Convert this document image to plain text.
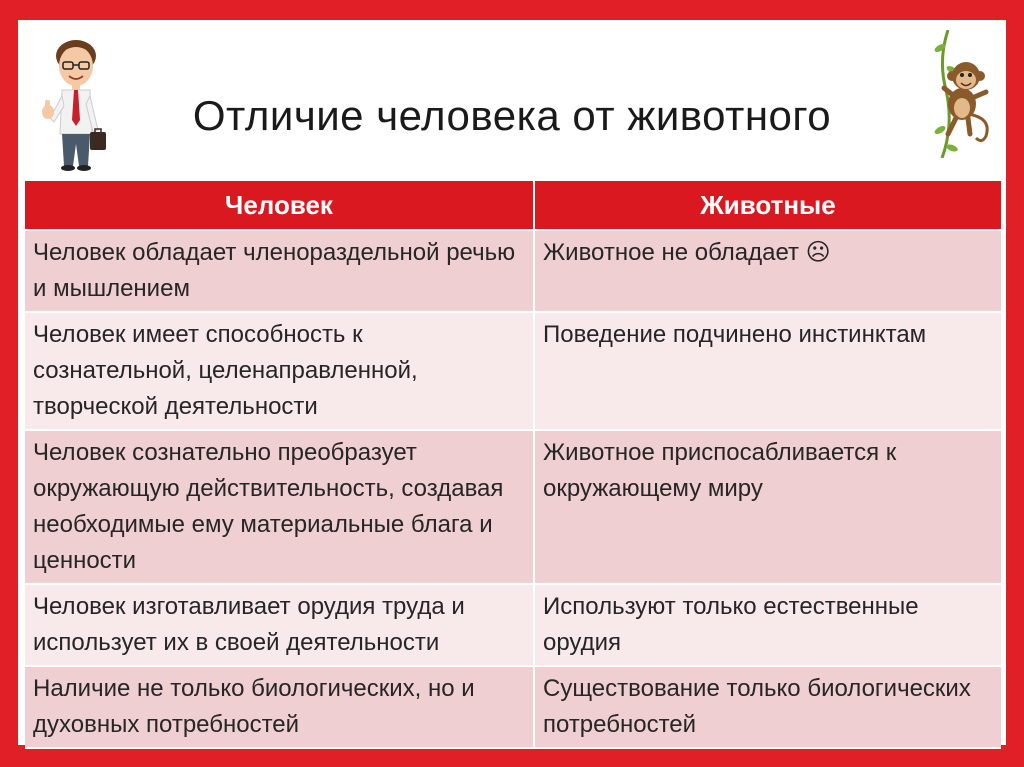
Отличие человека от животного
Человек	Животные
Человек обладает членораздельной речью и мышлением	Животное не обладает ☹
Человек имеет способность к сознательной, целенаправленной, творческой деятельности	Поведение подчинено инстинктам
Человек сознательно преобразует окружающую действительность, создавая необходимые ему материальные блага и ценности	Животное приспосабливается к окружающему миру
Человек изготавливает орудия труда и использует их в своей деятельности	Используют только естественные орудия
Наличие не только биологических, но и духовных потребностей	Существование только биологических потребностей
